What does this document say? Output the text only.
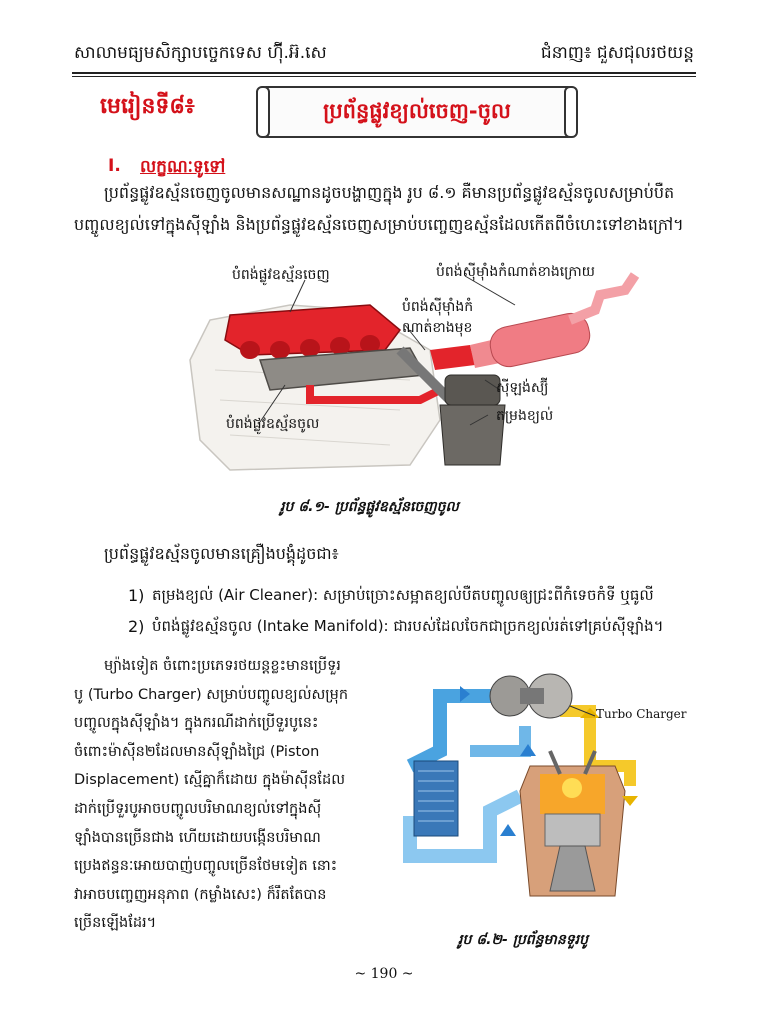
សាលាមធ្យមសិក្សាបច្ចេកទេស ហ៊ុី.អ៊.សេ	ជំនាញ៖ ជួសជុលរថយន្ត
មេរៀនទី៨៖	ប្រព័ន្ធផ្លូវខ្យល់ចេញ-ចូល
I. លក្ខណៈទូទៅ
ប្រព័ន្ធផ្លូវឧស្ម័នចេញចូលមានសណ្ឋានដូចបង្ហាញក្នុង រូប ៨.១ គឺមានប្រព័ន្ធផ្លូវឧស្ម័នចូលសម្រាប់បឺត
បញ្ចូលខ្យល់ទៅក្នុងស៊ីឡាំង និងប្រព័ន្ធផ្លូវឧស្ម័នចេញសម្រាប់បញ្ចេញឧស្ម័នដែលកើតពីចំហេះទៅខាងក្រៅ។
បំពង់ផ្លូវឧស្ម័នចេញ	បំពង់ស៊ីម៉ាំងកំណាត់ខាងក្រោយ
បំពង់ស៊ីម៉ាំងកំ
ណាត់ខាងមុខ
ស៊ីឡង់ស្យ៊ី
បំពង់ផ្លូវឧស្ម័នចូល	តម្រងខ្យល់
រូប ៨.១- ប្រព័ន្ធផ្លូវឧស្ម័នចេញចូល
ប្រព័ន្ធផ្លូវឧស្ម័នចូលមានគ្រឿងបង្គុំដូចជា៖
1) តម្រងខ្យល់ (Air Cleaner): សម្រាប់ច្រោះសម្អាតខ្យល់បឺតបញ្ចូលឲ្យជ្រះពីកំទេចកំទី ឬធូលី
2) បំពង់ផ្លូវឧស្ម័នចូល (Intake Manifold): ជារបស់ដែលចែកជាច្រកខ្យល់រត់ទៅគ្រប់ស៊ីឡាំង។
ម្យ៉ាងទៀត ចំពោះប្រភេទរថយន្តខ្លះមានប្រើទួរ
បូ (Turbo Charger) សម្រាប់បញ្ចូលខ្យល់សម្រុក
បញ្ចូលក្នុងស៊ីឡាំង។ ក្នុងករណីដាក់ប្រើទួរបូនេះ
ចំពោះម៉ាស៊ីន២ដែលមានស៊ីឡាំងជ្រៃ (Piston
Displacement) ស្មើគ្នាក៏ដោយ ក្នុងម៉ាស៊ីនដែល
ដាក់ប្រើទួរបូអាចបញ្ចូលបរិមាណខ្យល់ទៅក្នុងស៊ី
ឡាំងបានច្រើនជាង ហើយដោយបង្កើនបរិមាណ
ប្រេងឥន្ធនៈអោយបាញ់បញ្ចូលច្រើនថែមទៀត នោះ
វាអាចបញ្ចេញអនុភាព (កម្លាំងសេះ) ក៏រឹតតែបាន
ច្រើនឡើងដែរ។
Turbo Charger
រូប ៨.២- ប្រព័ន្ធមានទួរបូ
~ 190 ~
